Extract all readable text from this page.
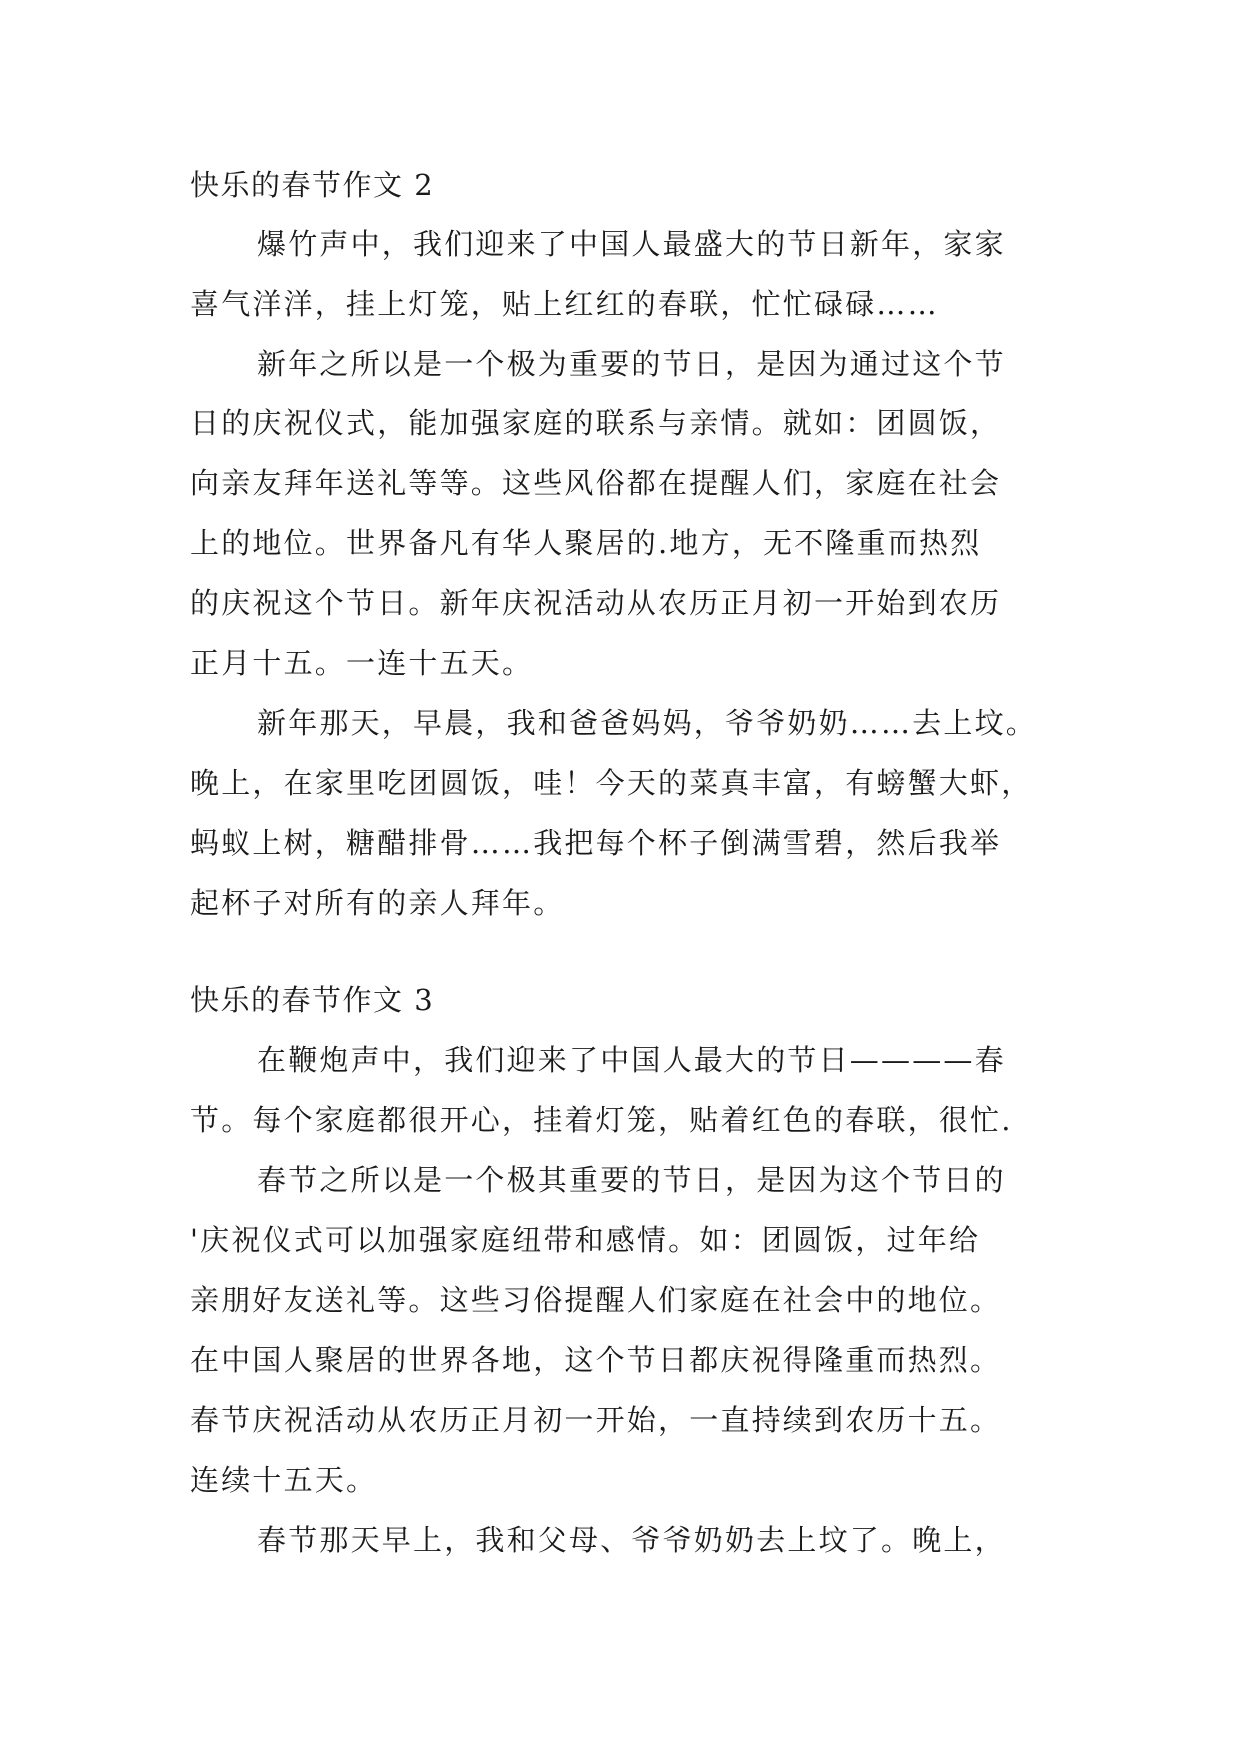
快乐的春节作文 2
爆竹声中，我们迎来了中国人最盛大的节日新年，家家
喜气洋洋，挂上灯笼，贴上红红的春联，忙忙碌碌……
新年之所以是一个极为重要的节日，是因为通过这个节
日的庆祝仪式，能加强家庭的联系与亲情。就如：团圆饭，
向亲友拜年送礼等等。这些风俗都在提醒人们，家庭在社会
上的地位。世界备凡有华人聚居的.地方，无不隆重而热烈
的庆祝这个节日。新年庆祝活动从农历正月初一开始到农历
正月十五。一连十五天。
新年那天，早晨，我和爸爸妈妈，爷爷奶奶……去上坟。
晚上，在家里吃团圆饭，哇！今天的菜真丰富，有螃蟹大虾，
蚂蚁上树，糖醋排骨……我把每个杯子倒满雪碧，然后我举
起杯子对所有的亲人拜年。
快乐的春节作文 3
在鞭炮声中，我们迎来了中国人最大的节日————春
节。每个家庭都很开心，挂着灯笼，贴着红色的春联，很忙.
春节之所以是一个极其重要的节日，是因为这个节日的
'庆祝仪式可以加强家庭纽带和感情。如：团圆饭，过年给
亲朋好友送礼等。这些习俗提醒人们家庭在社会中的地位。
在中国人聚居的世界各地，这个节日都庆祝得隆重而热烈。
春节庆祝活动从农历正月初一开始，一直持续到农历十五。
连续十五天。
春节那天早上，我和父母、爷爷奶奶去上坟了。晚上，
